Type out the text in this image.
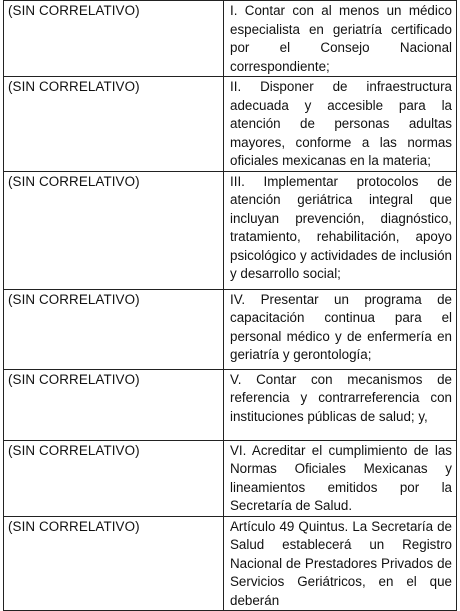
(SIN CORRELATIVO)	I. Contar con al menos un médico especialista en geriatría certificado por el Consejo Nacional correspondiente;

(SIN CORRELATIVO)	II. Disponer de infraestructura adecuada y accesible para la atención de personas adultas mayores, conforme a las normas oficiales mexicanas en la materia;

(SIN CORRELATIVO)	III. Implementar protocolos de atención geriátrica integral que incluyan prevención, diagnóstico, tratamiento, rehabilitación, apoyo psicológico y actividades de inclusión y desarrollo social;

(SIN CORRELATIVO)	IV. Presentar un programa de capacitación continua para el personal médico y de enfermería en geriatría y gerontología;

(SIN CORRELATIVO)	V. Contar con mecanismos de referencia y contrarreferencia con instituciones públicas de salud; y,

(SIN CORRELATIVO)	VI. Acreditar el cumplimiento de las Normas Oficiales Mexicanas y lineamientos emitidos por la Secretaría de Salud.

(SIN CORRELATIVO)	Artículo 49 Quintus. La Secretaría de Salud establecerá un Registro Nacional de Prestadores Privados de Servicios Geriátricos, en el que deberán
